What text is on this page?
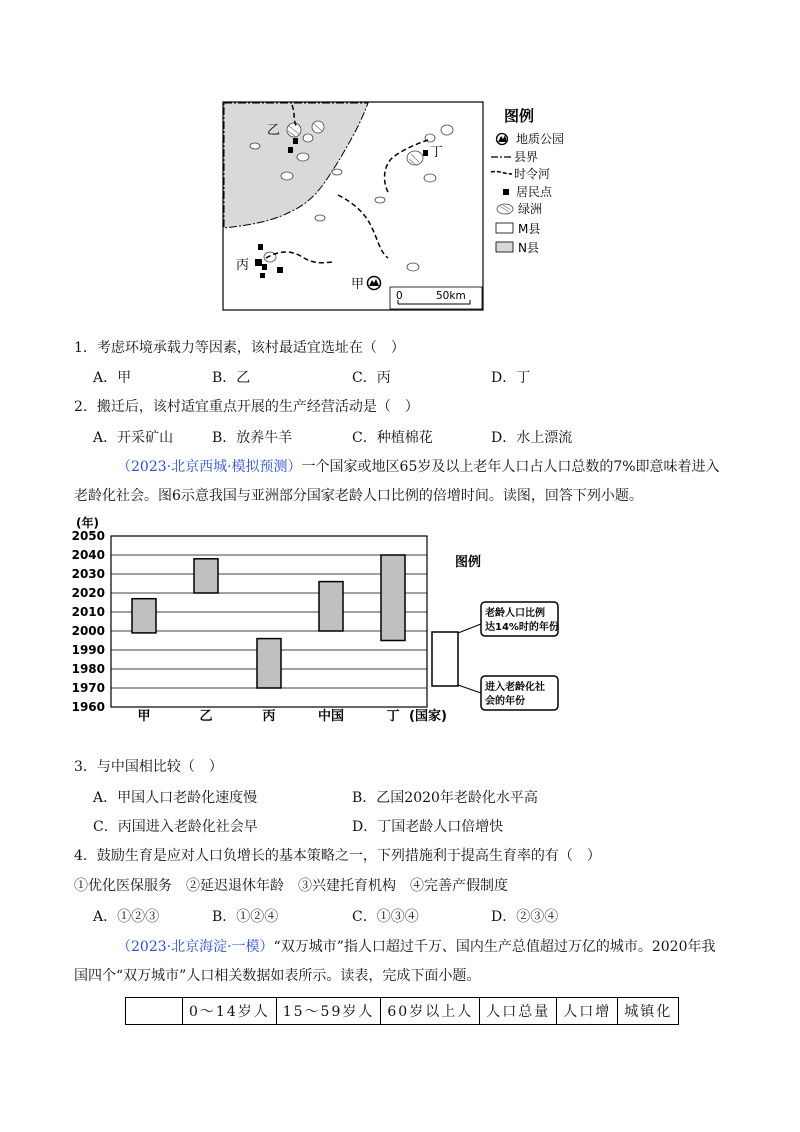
乙
丁
丙
甲
0	50km
图例
地质公园
县界
时令河
居民点
绿洲
M县
N县
1．考虑环境承载力等因素，该村最适宜选址在（　）
A．甲	B．乙	C．丙	D．丁
2．搬迁后，该村适宜重点开展的生产经营活动是（　）
A．开采矿山	B．放养牛羊	C．种植棉花	D．水上漂流
（2023·北京西城·模拟预测）一个国家或地区65岁及以上老年人口占人口总数的7%即意味着进入
老龄化社会。图6示意我国与亚洲部分国家老龄人口比例的倍增时间。读图，回答下列小题。
(年)
2050
2040
2030
2020
2010
2000
1990
1980
1970
1960
甲	乙	丙	中国	丁 (国家)
图例
老龄人口比例
达14%时的年份
进入老龄化社
会的年份
3．与中国相比较（　）
A．甲国人口老龄化速度慢	B．乙国2020年老龄化水平高
C．丙国进入老龄化社会早	D．丁国老龄人口倍增快
4．鼓励生育是应对人口负增长的基本策略之一，下列措施利于提高生育率的有（　）
①优化医保服务　②延迟退休年龄　③兴建托育机构　④完善产假制度
A．①②③	B．①②④	C．①③④	D．②③④
（2023·北京海淀·一模）“双万城市”指人口超过千万、国内生产总值超过万亿的城市。2020年我
国四个“双万城市”人口相关数据如表所示。读表，完成下面小题。
	0～14岁人	15～59岁人	60岁以上人	人口总量	人口增	城镇化
